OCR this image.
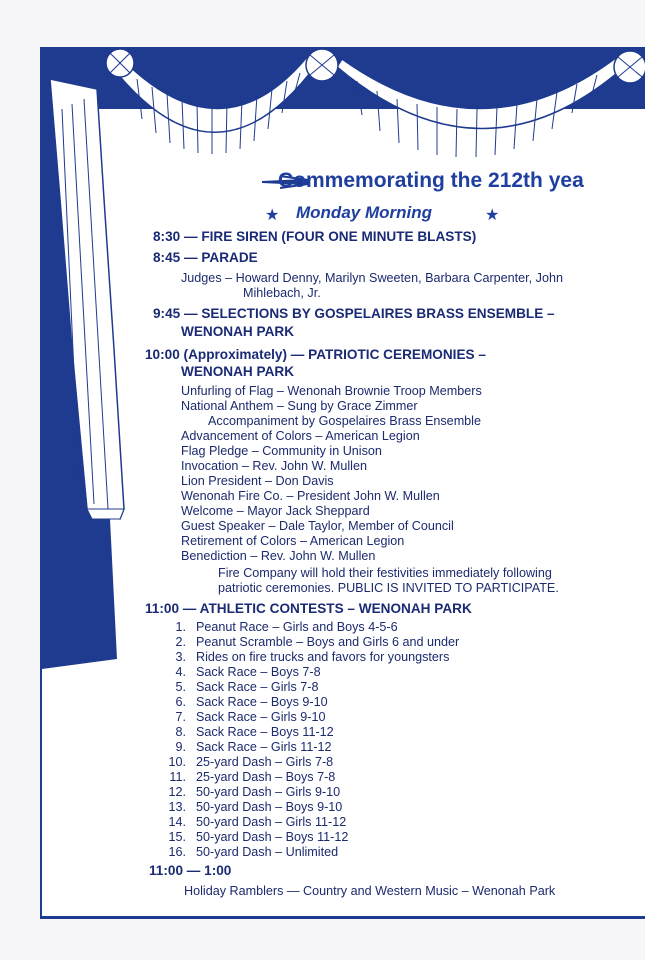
Commemorating the 212th yea
★ Monday Morning	★
8:30 — FIRE SIREN (FOUR ONE MINUTE BLASTS)
8:45 — PARADE
Judges – Howard Denny, Marilyn Sweeten, Barbara Carpenter, John
Mihlebach, Jr.
9:45 — SELECTIONS BY GOSPELAIRES BRASS ENSEMBLE –
WENONAH PARK
10:00 (Approximately) — PATRIOTIC CEREMONIES –
WENONAH PARK
Unfurling of Flag – Wenonah Brownie Troop Members
National Anthem – Sung by Grace Zimmer
Accompaniment by Gospelaires Brass Ensemble
Advancement of Colors – American Legion
Flag Pledge – Community in Unison
Invocation – Rev. John W. Mullen
Lion President – Don Davis
Wenonah Fire Co. – President John W. Mullen
Welcome – Mayor Jack Sheppard
Guest Speaker – Dale Taylor, Member of Council
Retirement of Colors – American Legion
Benediction – Rev. John W. Mullen
Fire Company will hold their festivities immediately following
patriotic ceremonies. PUBLIC IS INVITED TO PARTICIPATE.
11:00 — ATHLETIC CONTESTS – WENONAH PARK
1. Peanut Race – Girls and Boys 4-5-6
2. Peanut Scramble – Boys and Girls 6 and under
3. Rides on fire trucks and favors for youngsters
4. Sack Race – Boys 7-8
5. Sack Race – Girls 7-8
6. Sack Race – Boys 9-10
7. Sack Race – Girls 9-10
8. Sack Race – Boys 11-12
9. Sack Race – Girls 11-12
10. 25-yard Dash – Girls 7-8
11. 25-yard Dash – Boys 7-8
12. 50-yard Dash – Girls 9-10
13. 50-yard Dash – Boys 9-10
14. 50-yard Dash – Girls 11-12
15. 50-yard Dash – Boys 11-12
16. 50-yard Dash – Unlimited
11:00 — 1:00
Holiday Ramblers — Country and Western Music – Wenonah Park
